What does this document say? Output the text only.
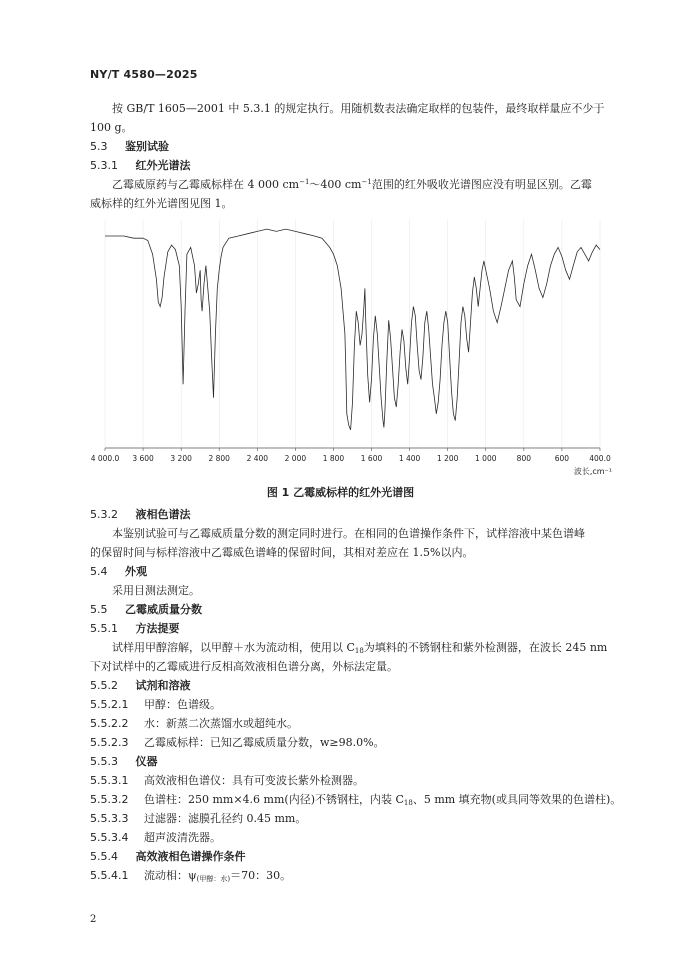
NY/T 4580—2025
按 GB/T 1605—2001 中 5.3.1 的规定执行。用随机数表法确定取样的包装件，最终取样量应不少于
100 g。
5.3 鉴别试验
5.3.1 红外光谱法
乙霉威原药与乙霉威标样在 4 000 $cm^{-1}\sim 400$ $cm^{-1}$范围的红外吸收光谱图应没有明显区别。乙霉
威标样的红外光谱图见图 1。
4 000.0 3 600 3 200 2 800 2 400 2 000 1 800 1 600 1 400 1 200 1 000	800	600	400.0
波长,cm⁻¹
图 1 乙霉威标样的红外光谱图
5.3.2 液相色谱法
本鉴别试验可与乙霉威质量分数的测定同时进行。在相同的色谱操作条件下，试样溶液中某色谱峰
的保留时间与标样溶液中乙霉威色谱峰的保留时间，其相对差应在 1.5%以内。
5.4 外观
采用目测法测定。
5.5 乙霉威质量分数
5.5.1 方法提要
试样用甲醇溶解，以甲醇＋水为流动相，使用以 $C_{18}$为填料的不锈钢柱和紫外检测器，在波长 245 nm
下对试样中的乙霉威进行反相高效液相色谱分离，外标法定量。
5.5.2 试剂和溶液
5.5.2.1 甲醇：色谱级。
5.5.2.2 水：新蒸二次蒸馏水或超纯水。
5.5.2.3 乙霉威标样：已知乙霉威质量分数，w≥98.0%。
5.5.3 仪器
5.5.3.1 高效液相色谱仪：具有可变波长紫外检测器。
5.5.3.2 色谱柱：250 mm×4.6 mm(内径)不锈钢柱，内装 $C_{18}$、5 mm 填充物(或具同等效果的色谱柱)。
5.5.3.3 过滤器：滤膜孔径约 0.45 mm。
5.5.3.4 超声波清洗器。
5.5.4 高效液相色谱操作条件
5.5.4.1 流动相：$\psi_{(甲醇:水)}=70$：30。
2
